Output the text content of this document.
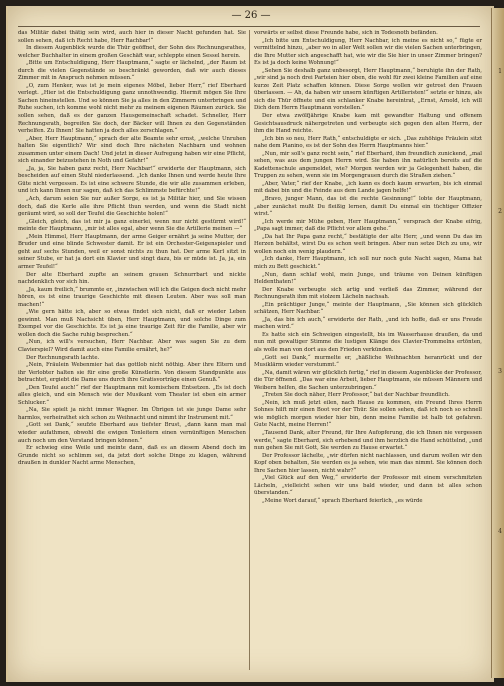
— 26 —

das Militär dabei thätig sein wird, auch hier in dieser Nacht gefunden hat. Sie sollen sehen, daß ich Recht habe, Herr Rachbar!“

In diesem Augenblick wurde die Thür geöffnet, der Sohn des Rechnungsrathes, welcher Buchhalter in einem großen Geschäft war, schleppte einen Sessel herein.

„Bitte um Entschuldigung, Herr Hauptmann,“ sagte er lächelnd, „der Raum ist durch die vielen Gegenstände so beschränkt geworden, daß wir auch dieses Zimmer mit in Anspruch nehmen müssen.“

„O, zum Henker, was ist je mein eigenes Möbel, lieber Herr,“ rief Eberhard verlegt. „Hier ist die Entschuldigung ganz unnothwendig. Hiermit mögen Sie Ihre Sachen hineinstellen. Und so können Sie ja alles in den Zimmern unterbringen und Ruhe suchen, ich komme wohl nicht mehr zu meinem eigenen Räumen zurück. Sie sollen sehen, daß es der ganzen Hausgemeinschaft schadet. Schneller, Herr Rechnungsrath, begreifen Sie doch, der Bäcker will Ihnen zu den Gegenständen verhelfen. Zu Ihnen! Sie hatten ja doch alles zerschlagen.“

„Aber, Herr Hauptmann,“ sprach der alte Beamte sehr ernst, „welche Unruhen halten Sie eigentlich? Wir sind doch Ihre nächsten Nachbarn und wohnen zusammen unter einem Dach! Und jetzt in dieser Aufregung haben wir eine Pflicht, sich einander beizustehen in Noth und Gefahr!“

„Ja, ja, Sie haben ganz recht, Herr Nachbar!“ erwiderte der Hauptmann, sich bescheiden auf einen Stuhl niederlassend. „Ich danke Ihnen und werde heute Ihre Güte nicht vergessen. Es ist eine schwere Stunde, die wir alle zusammen erleben, und ich kann Ihnen nur sagen, daß ich das Schlimmste befürchte!“

„Ach, darum seien Sie nur außer Sorge, es ist ja Militär hier, und Sie wissen doch, daß die Kerle alle ihre Pflicht thun werden, und wenn die Stadt nicht geräumt wird, so soll der Teufel die Geschichte holen!“

„Gleich, gleich, das ist mir ja ganz einerlei, wenn nur nicht gestürmt wird!“ meinte der Hauptmann, „mir ist alles egal, aber wenn Sie die Artillerie meinen —“

„Mein Himmel, Herr Hauptmann, der arme Geiger ernährt ja seine Mutter, der Bruder und eine blinde Schwester damit. Er ist ein Orchester-Geigenspieler und geht auf sechs Stunden, weil er sonst nichts zu thun hat. Der arme Kerl sitzt in seiner Stube, er hat ja dort ein Klavier und singt dazu, bis er müde ist. Ja, ja, ein armer Teufel!“

Der alte Eberhard zupfte an seinem grauen Schnurrbart und nickte nachdenklich vor sich hin.

„Ja, kaum freilich,“ brummte er, „inzwischen will ich die Geigen doch nicht mehr hören, es ist eine traurige Geschichte mit diesen Leuten. Aber was soll man machen!“

„Wie gern hätte ich, aber so etwas findet sich nicht, daß er wieder Leben gewinnt. Man muß Nachsicht üben, Herr Hauptmann, und solche Dinge zum Exempel vor die Geschichte. Es ist ja eine traurige Zeit für die Familie, aber wir wollen doch die Sache ruhig besprechen.“

„Nun, ich will's versuchen, Herr Nachbar. Aber was sagen Sie zu dem Clavierspiel? Wird damit auch eine Familie ernährt, he?“

Der Rechnungsrath lachte.

„Nein, Fräulein Webenmier hat das gottlob nicht nöthig. Aber ihre Eltern und ihr Verlobter halten sie für eine große Künstlerin. Von diesem Standpunkte aus betrachtet, ergiebt die Dame uns durch ihre Gratisvorträge einen Genuß.“

„Den Teufel auch!“ rief der Hauptmann mit komischem Entsetzen. „Es ist doch alles gleich, und ein Mensch wie der Musikant vom Theater ist eben ein armer Schlucker.“

„Na, Sie spielt ja nicht immer Wagner. Im Übrigen ist sie junge Dame sehr harmlos, verheirathet sich schon zu Weihnacht und nimmt ihr Instrument mit.“

„Gott sei Dank,“ seufzte Eberhard aus tiefster Brust, „dann kann man mal wieder aufathmen, obwohl die ewigen Tonleitern einen vernünftigen Menschen auch noch um den Verstand bringen können.“

Er schwieg eine Weile und meinte dann, daß es an diesem Abend doch im Grunde nicht so schlimm sei, da jetzt dort solche Dinge zu klagen, während draußen in dunkler Nacht arme Menschen,

vorwärts er selbst diese Freunde habe, sich in Todesnoth befänden.

„Ich bitte um Entschuldigung, Herr Nachbar, ich meine es nicht so,“ fügte er vermittelnd hinzu, „aber wo in aller Welt sollen wir die vielen Sachen unterbringen, die Ihre Mutter sich angeschafft hat, wie wir die Sie hier in unser Zimmer bringen? Es ist ja doch keine Wohnung!“

„Sehen Sie deshalb ganz unbesorgt, Herr Hauptmann,“ beruhigte ihn der Rath, „wir sind ja noch drei Parteien hier oben, die wohl für zwei kleine Familien auf eine kurze Zeit Platz schaffen können. Diese Sorge wollen wir getrost den Frauen überlassen. — Ah, da haben wir unsern künftigen Artilleristen!“ setzte er hinzu, als sich die Thür öffnete und ein schlanker Knabe hereintrat, „Ernst, Arnold, ich will Dich dem Herrn Hauptmann vorstellen.“

Der etwa zwölfjährige Knabe kam mit gewandter Haltung und offenem Gesichtsausdruck nähergetreten und verbeugte sich gegen den alten Herrn, der ihm die Hand reichte.

„Ich bin so neu, Herr Rath,“ entschuldigte er sich. „Das zuhöhige Fräulein sitzt nahe dem Pianino, es ist der Sohn des Herrn Hauptmanns hier.“

„Nun, mir soll's ganz recht sein,“ rief Eberhard, ihm freundlich zunickend, „mal sehen, was aus dem jungen Herrn wird. Sie haben ihn natürlich bereits auf die Kadettenschule angemeldet, wie? Morgen werden wir ja Gelegenheit haben, die Truppen zu sehen, wenn sie im Morgengrauen durch die Straßen ziehen.“

„Aber, Vater,“ rief der Knabe, „ich kann es doch kaum erwarten, bis ich einmal mit dabei bin und die Feinde aus dem Lande jagen helfe!“

„Bravo, junger Mann, das ist die rechte Gesinnung!“ lobte der Hauptmann, „aber zunächst mußt Du fleißig lernen, damit Du einmal ein tüchtiger Offizier wirst.“

„Ich werde mir Mühe geben, Herr Hauptmann,“ versprach der Knabe eifrig, „Papa sagt immer, daß die Pflicht vor allem gehe.“

„Da hat Ihr Papa ganz recht,“ bestätigte der alte Herr, „und wenn Du das im Herzen behältst, wirst Du es schon weit bringen. Aber nun setze Dich zu uns, wir wollen noch ein wenig plaudern.“

„Ich danke, Herr Hauptmann, ich soll nur noch gute Nacht sagen, Mama hat mich zu Bett geschickt.“

„Nun, dann schlaf wohl, mein Junge, und träume von Deinen künftigen Heldenthaten!“

Der Knabe verbeugte sich artig und verließ das Zimmer, während der Rechnungsrath ihm mit stolzem Lächeln nachsah.

„Ein prächtiger Junge,“ meinte der Hauptmann, „Sie können sich glücklich schätzen, Herr Nachbar.“

„Ja, das bin ich auch,“ erwiderte der Rath, „und ich hoffe, daß er uns Freude machen wird.“

Es hatte sich ein Schweigen eingestellt, bis im Wasserhause draußen, da und nun mit gewaltiger Stimme die lustigen Klänge des Clavier-Trommelns ertönten, als wolle man von dort aus den Frieden verkünden.

„Gott sei Dank,“ murmelte er, „häßliche Weihnachten heranrückt und der Musiklärm wieder verstummt.“

„Na, damit wären wir glücklich fertig,“ rief in diesem Augenblicke der Professor, die Tür öffnend. „Das war eine Arbeit, lieber Hauptmann, sie müssen Männern und Weibern helfen, die Sachen unterzubringen.“

„Treten Sie doch näher, Herr Professor,“ bat der Nachbar freundlich.

„Nein, ich muß jetzt eilen, nach Hause zu kommen, ein Freund Ihres Herrn Sohnes hilft mir einen Boot vor der Thür. Sie sollen sehen, daß ich noch so schnell wie möglich morgen wieder hier bin, denn meine Familie ist halb tot gefahren. Gute Nacht, meine Herren!“

„Tausend Dank, alter Freund, für Ihre Aufopferung, die ich Ihnen nie vergessen werde,“ sagte Eberhard, sich erhebend und ihm herzlich die Hand schüttelnd, „und nun gehen Sie mit Gott, Sie werden zu Hause erwartet.“

Der Professor lächelte, „wir dürfen nicht nachlassen, und darum wollen wir den Kopf oben behalten, Sie werden es ja sehen, wie man das nimmt. Sie können doch Ihre Sachen hier lassen, nicht wahr?“

„Viel Glück auf den Weg,“ erwiderte der Professor mit einem verschmitzten Lächeln, „vielleicht sehen wir uns bald wieder, und dann ist alles schon überstanden.“

„Meine Wort darauf,“ sprach Eberhard feierlich, „es würde

1
2
3
4
